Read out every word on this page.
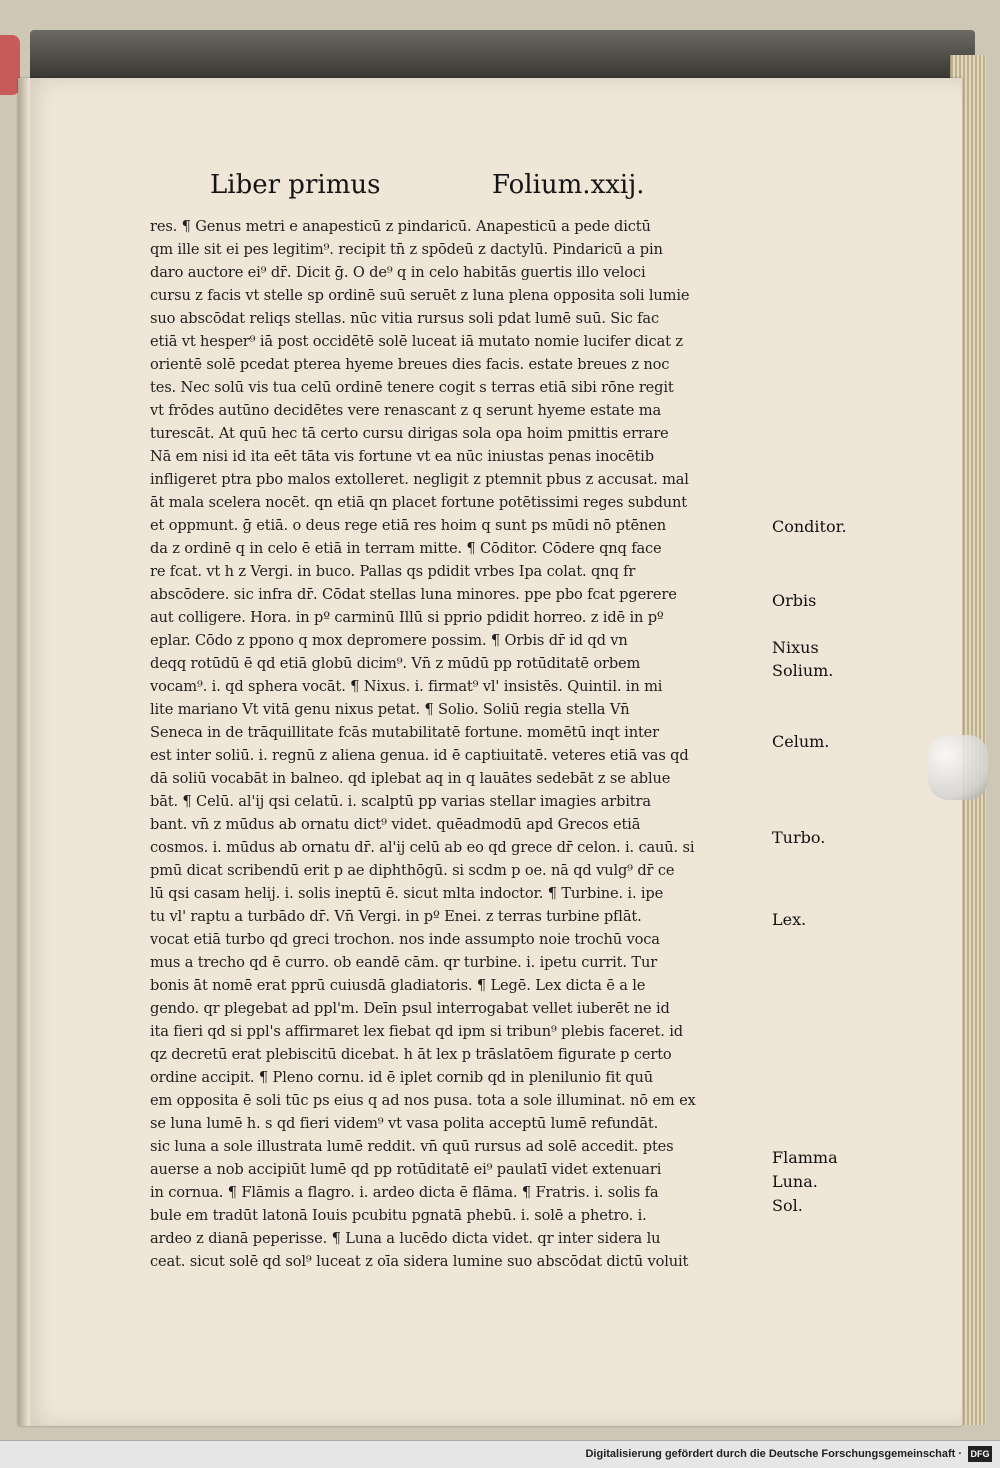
Liber primus	Folium.xxij.
res. ¶ Genus metri e anapesticū z pindaricū. Anapesticū a pede dictū
qm ille sit ei pes legitim⁹. recipit tn̄ z spōdeū z dactylū. Pindaricū a pin
daro auctore ei⁹ dr̄. Dicit ḡ. O de⁹ q in celo habitās guertis illo veloci
cursu z facis vt stelle sp ordinē suū seruēt z luna plena opposita soli lumie
suo abscōdat reliqs stellas. nūc vitia rursus soli pdat lumē suū. Sic fac
etiā vt hesper⁹ iā post occidētē solē luceat iā mutato nomie lucifer dicat z
orientē solē pcedat pterea hyeme breues dies facis. estate breues z noc
tes. Nec solū vis tua celū ordinē tenere cogit s terras etiā sibi rōne regit
vt frōdes autūno decidētes vere renascant z q serunt hyeme estate ma
turescāt. At quū hec tā certo cursu dirigas sola opa hoim pmittis errare
Nā em nisi id ita eēt tāta vis fortune vt ea nūc iniustas penas inocētib
infligeret ptra pbo malos extolleret. negligit z ptemnit pbus z accusat. mal
āt mala scelera nocēt. qn etiā qn placet fortune potētissimi reges subdunt
et oppmunt. ḡ etiā. o deus rege etiā res hoim q sunt ps mūdi nō ptēnen
da z ordinē q in celo ē etiā in terram mitte. ¶ Cōditor. Cōdere qnq face
re fcat. vt h z Vergi. in buco. Pallas qs pdidit vrbes Ipa colat. qnq fr
abscōdere. sic infra dr̄. Cōdat stellas luna minores. ppe pbo fcat pgerere
aut colligere. Hora. in pº carminū Illū si pprio pdidit horreo. z idē in pº
eplar. Cōdo z ppono q mox depromere possim. ¶ Orbis dr̄ id qd vn
deqq rotūdū ē qd etiā globū dicim⁹. Vn̄ z mūdū pp rotūditatē orbem
vocam⁹. i. qd sphera vocāt. ¶ Nixus. i. firmat⁹ vl' insistēs. Quintil. in mi
lite mariano Vt vitā genu nixus petat. ¶ Solio. Soliū regia stella Vn̄
Seneca in de trāquillitate fcās mutabilitatē fortune. momētū inqt inter
est inter soliū. i. regnū z aliena genua. id ē captiuitatē. veteres etiā vas qd
dā soliū vocabāt in balneo. qd iplebat aq in q lauātes sedebāt z se ablue
bāt. ¶ Celū. al'ij qsi celatū. i. scalptū pp varias stellar imagies arbitra
bant. vn̄ z mūdus ab ornatu dict⁹ videt. quēadmodū apd Grecos etiā
cosmos. i. mūdus ab ornatu dr̄. al'ij celū ab eo qd grece dr̄ celon. i. cauū. si
pmū dicat scribendū erit p ae diphthōgū. si scdm p oe. nā qd vulg⁹ dr̄ ce
lū qsi casam helij. i. solis ineptū ē. sicut mlta indoctor. ¶ Turbine. i. ipe
tu vl' raptu a turbādo dr̄. Vn̄ Vergi. in pº Enei. z terras turbine pflāt.
vocat etiā turbo qd greci trochon. nos inde assumpto noie trochū voca
mus a trecho qd ē curro. ob eandē cām. qr turbine. i. ipetu currit. Tur
bonis āt nomē erat pprū cuiusdā gladiatoris. ¶ Legē. Lex dicta ē a le
gendo. qr plegebat ad ppl'm. Deīn psul interrogabat vellet iuberēt ne id
ita fieri qd si ppl's affirmaret lex fiebat qd ipm si tribun⁹ plebis faceret. id
qz decretū erat plebiscitū dicebat. h āt lex p trāslatōem figurate p certo
ordine accipit. ¶ Pleno cornu. id ē iplet cornib qd in plenilunio fit quū
em opposita ē soli tūc ps eius q ad nos pusa. tota a sole illuminat. nō em ex
se luna lumē h. s qd fieri videm⁹ vt vasa polita acceptū lumē refundāt.
sic luna a sole illustrata lumē reddit. vn̄ quū rursus ad solē accedit. ptes
auerse a nob accipiūt lumē qd pp rotūditatē ei⁹ paulatī videt extenuari
in cornua. ¶ Flāmis a flagro. i. ardeo dicta ē flāma. ¶ Fratris. i. solis fa
bule em tradūt latonā Iouis pcubitu pgnatā phebū. i. solē a phetro. i.
ardeo z dianā peperisse. ¶ Luna a lucēdo dicta videt. qr inter sidera lu
ceat. sicut solē qd sol⁹ luceat z oīa sidera lumine suo abscōdat dictū voluit
Conditor.
Orbis
Nixus
Solium.
Celum.
Turbo.
Lex.
Flamma
Luna.
Sol.
Digitalisierung gefördert durch die Deutsche Forschungsgemeinschaft · DFG
